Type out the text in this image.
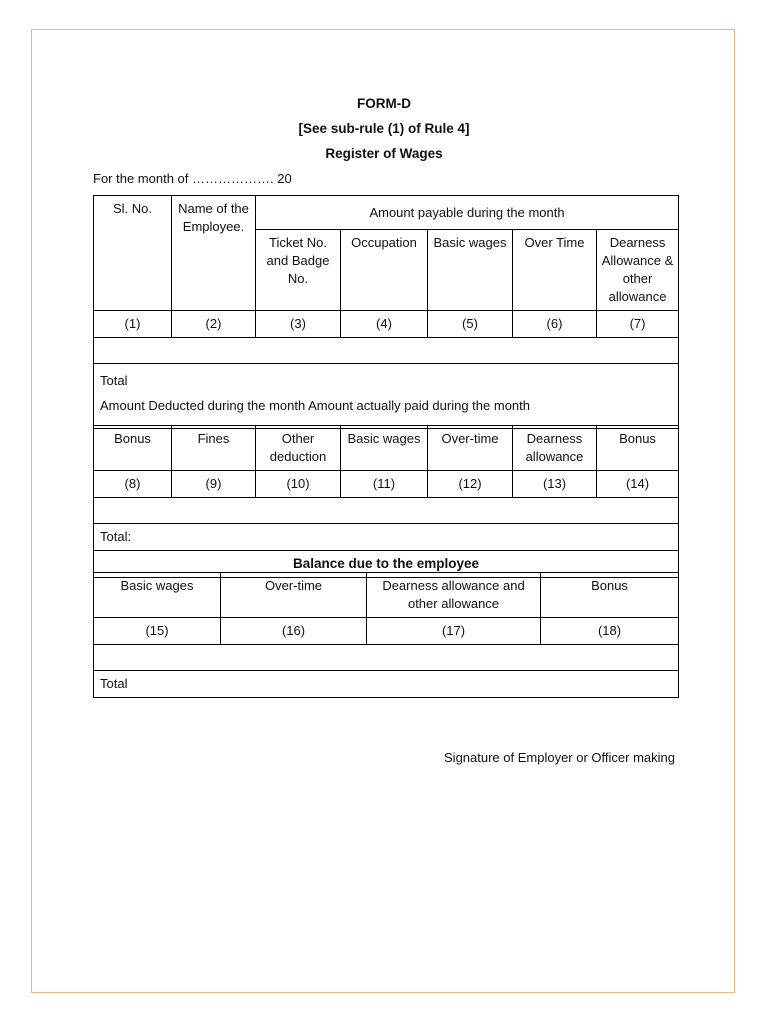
FORM-D
[See sub-rule (1) of Rule 4]
Register of Wages
For the month of ………………. 20
Sl. No.	Name of the Employee.	Amount payable during the month				
		Ticket No. and Badge No.	Occupation	Basic wages	Over Time	Dearness Allowance & other allowance
(1)	(2)	(3)	(4)	(5)	(6)	(7)

Total
Amount Deducted during the month Amount actually paid during the month						
Bonus	Fines	Other deduction	Basic wages	Over-time	Dearness allowance	Bonus
(8)	(9)	(10)	(11)	(12)	(13)	(14)

Total:						
Balance due to the employee						
Basic wages	Over-time	Dearness allowance and other allowance	Bonus
(15)	(16)	(17)	(18)

Total			
Signature of Employer or Officer making
